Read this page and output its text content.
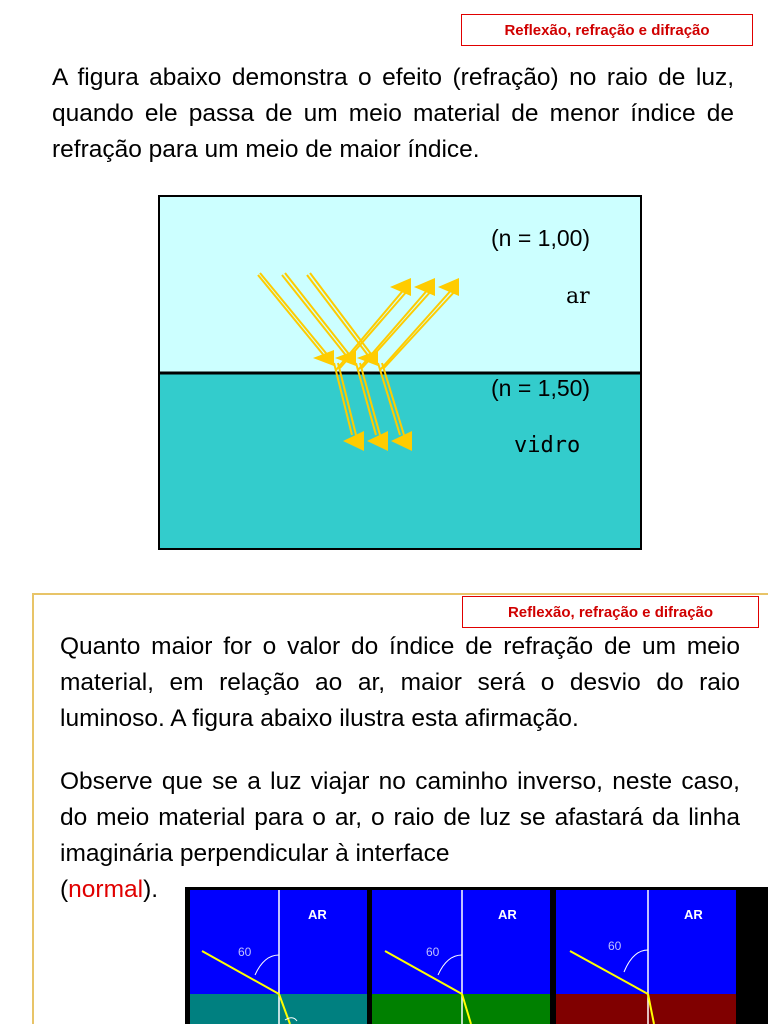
Reflexão, refração e difração

A figura abaixo demonstra o efeito (refração) no raio de luz, quando ele passa de um meio material de menor índice de refração para um meio de maior índice.

(n = 1,00)
ar
(n = 1,50)
vidro
Reflexão, refração e difração

Quanto maior for o valor do índice de refração de um meio material, em relação ao ar, maior será o desvio do raio luminoso. A figura abaixo ilustra esta afirmação.

Observe que se a luz viajar no caminho inverso, neste caso, do meio material para o ar, o raio de luz se afastará da linha imaginária perpendicular à interface

(normal).
AR
60
AR
60
AR
60
